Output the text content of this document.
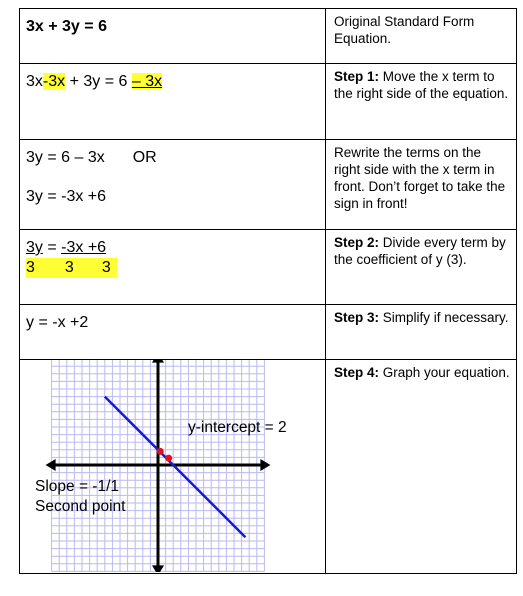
3x + 3y = 6	Original Standard Form Equation.

3x-3x + 3y = 6 – 3x	Step 1: Move the x term to the right side of the equation.

3y = 6 – 3x OR
3y = -3x +6	Rewrite the terms on the right side with the x term in front. Don’t forget to take the sign in front!

3y = -3x +6
3 3 3	Step 2: Divide every term by the coefficient of y (3).

y = -x +2	Step 3: Simplify if necessary.

y-intercept = 2
Slope = -1/1
Second point	Step 4: Graph your equation.
